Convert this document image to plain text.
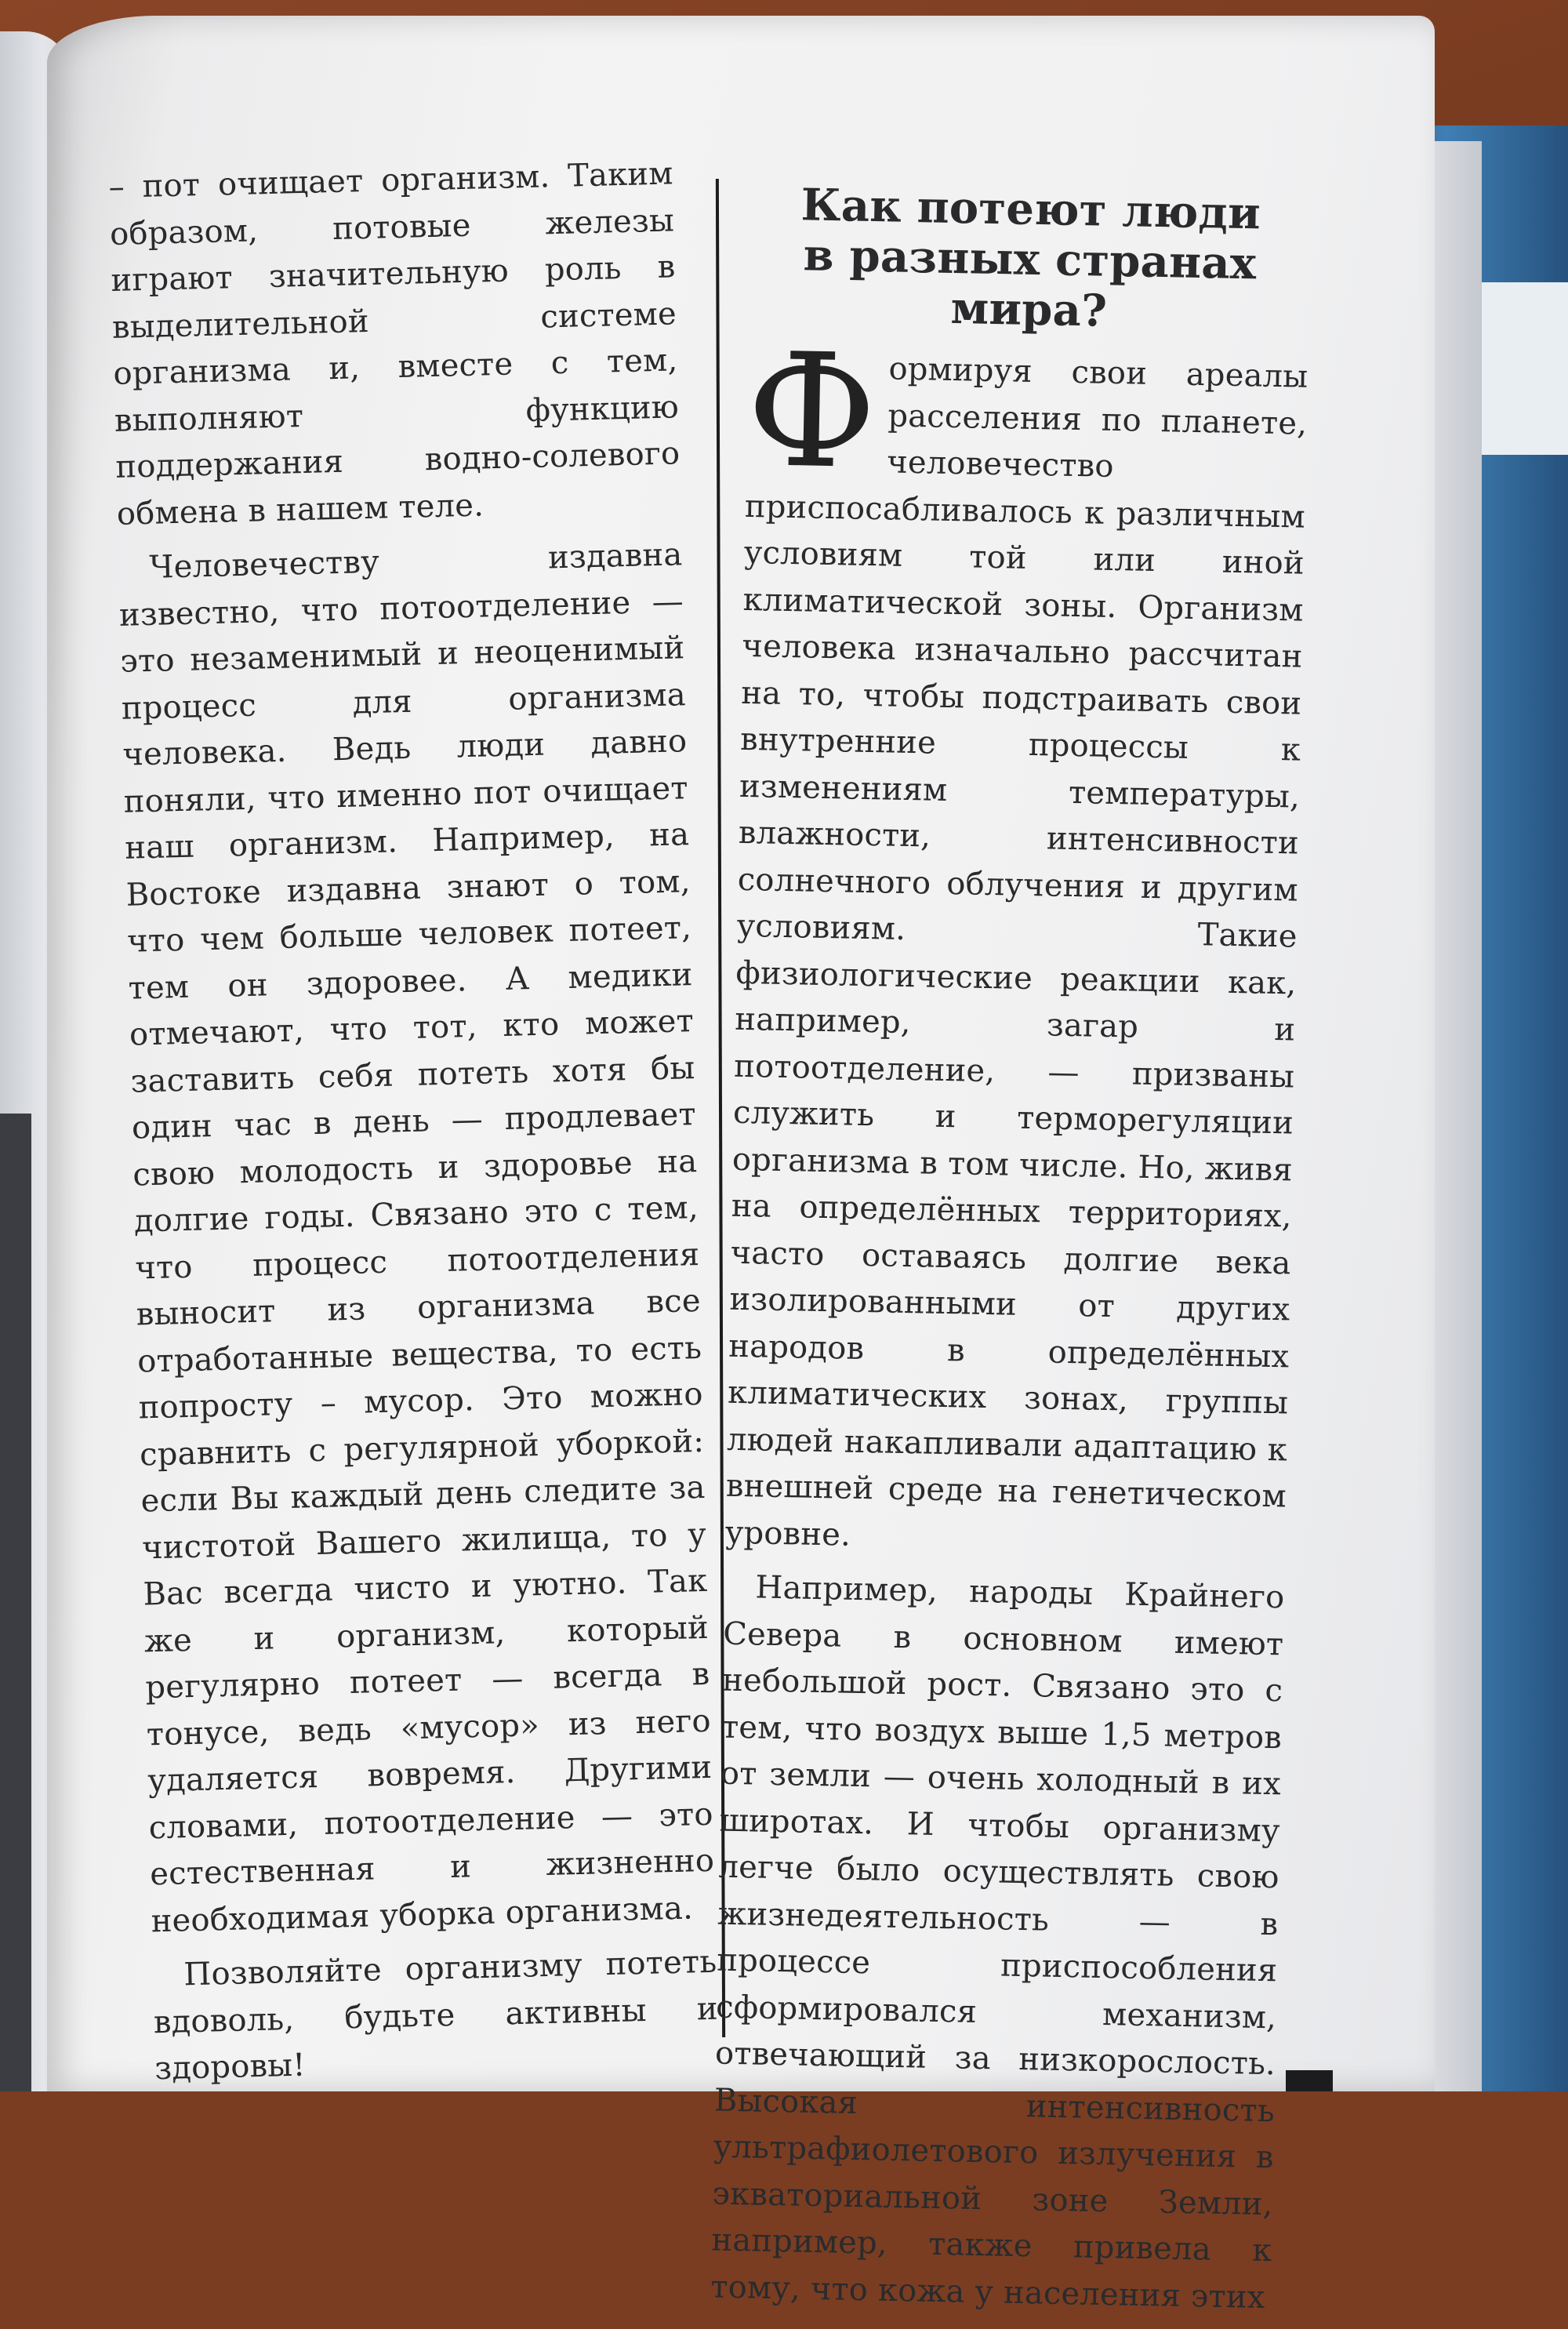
– пот очищает организм. Таким образом, потовые железы играют значительную роль в выделительной системе организма и, вместе с тем, выполняют функцию поддержания водно-солевого обмена в нашем теле.

Человечеству издавна известно, что потоотделение — это незаменимый и неоценимый процесс для организма человека. Ведь люди давно поняли, что именно пот очищает наш организм. Например, на Востоке издавна знают о том, что чем больше человек потеет, тем он здоровее. А медики отмечают, что тот, кто может заставить себя потеть хотя бы один час в день — продлевает свою молодость и здоровье на долгие годы. Связано это с тем, что процесс потоотделения выносит из организма все отработанные вещества, то есть попросту – мусор. Это можно сравнить с регулярной уборкой: если Вы каждый день следите за чистотой Вашего жилища, то у Вас всегда чисто и уютно. Так же и организм, который регулярно потеет — всегда в тонусе, ведь «мусор» из него удаляется вовремя. Другими словами, потоотделение — это естественная и жизненно необходимая уборка организма.

Позволяйте организму потеть вдоволь, будьте активны и здоровы!

Как потеют люди
в разных странах мира?

Формируя свои ареалы расселения по планете, человечество приспосабливалось к различным условиям той или иной климатической зоны. Организм человека изначально рассчитан на то, чтобы подстраивать свои внутренние процессы к изменениям температуры, влажности, интенсивности солнечного облучения и другим условиям. Такие физиологические реакции как, например, загар и потоотделение, — призваны служить и терморегуляции организма в том числе. Но, живя на определённых территориях, часто оставаясь долгие века изолированными от других народов в определённых климатических зонах, группы людей накапливали адаптацию к внешней среде на генетическом уровне.

Например, народы Крайнего Севера в основном имеют небольшой рост. Связано это с тем, что воздух выше 1,5 метров от земли — очень холодный в их широтах. И чтобы организму легче было осуществлять свою жизнедеятельность — в процессе приспособления сформировался механизм, отвечающий за низкорослость. Высокая интенсивность ультрафиолетового излучения в экваториальной зоне Земли, например, также привела к тому, что кожа у населения этих
